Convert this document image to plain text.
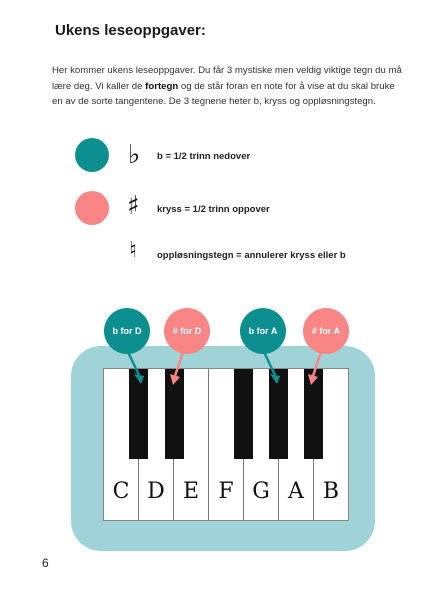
Ukens leseoppgaver:
Her kommer ukens leseoppgaver. Du får 3 mystiske men veldig viktige tegn du må lære deg. Vi kaller de fortegn og de står foran en note for å vise at du skal bruke en av de sorte tangentene. De 3 tegnene heter b, kryss og oppløsningstegn.
♭ b = 1/2 trinn nedover
♯ kryss = 1/2 trinn oppover
♮ oppløsningstegn = annulerer kryss eller b
C D E F G A B
b for D	# for D	b for A	# for A
6
